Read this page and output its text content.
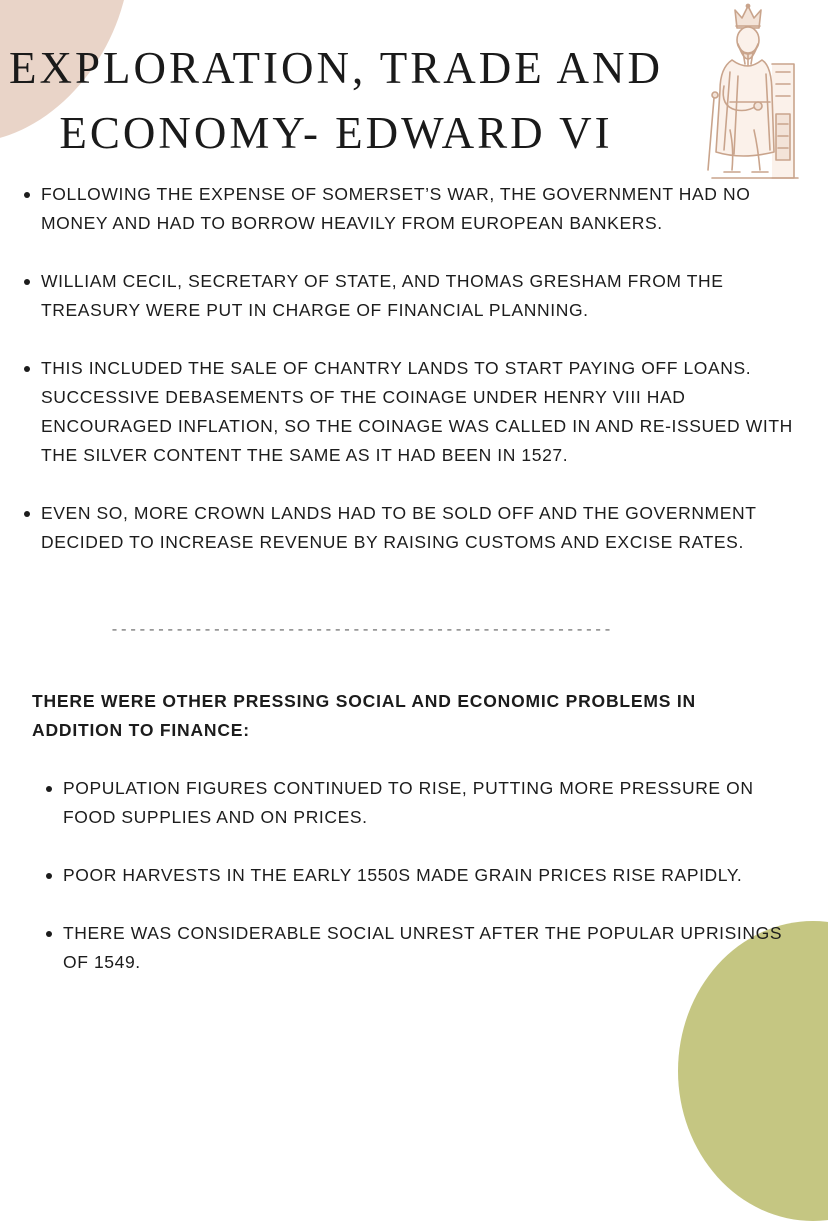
EXPLORATION, TRADE AND
ECONOMY- EDWARD VI
FOLLOWING THE EXPENSE OF SOMERSET’S WAR, THE GOVERNMENT HAD NO MONEY AND HAD TO BORROW HEAVILY FROM EUROPEAN BANKERS.
WILLIAM CECIL, SECRETARY OF STATE, AND THOMAS GRESHAM FROM THE TREASURY WERE PUT IN CHARGE OF FINANCIAL PLANNING.
THIS INCLUDED THE SALE OF CHANTRY LANDS TO START PAYING OFF LOANS. SUCCESSIVE DEBASEMENTS OF THE COINAGE UNDER HENRY VIII HAD ENCOURAGED INFLATION, SO THE COINAGE WAS CALLED IN AND RE-ISSUED WITH THE SILVER CONTENT THE SAME AS IT HAD BEEN IN 1527.
EVEN SO, MORE CROWN LANDS HAD TO BE SOLD OFF AND THE GOVERNMENT DECIDED TO INCREASE REVENUE BY RAISING CUSTOMS AND EXCISE RATES.
------------------------------------------------------

THERE WERE OTHER PRESSING SOCIAL AND ECONOMIC PROBLEMS IN ADDITION TO FINANCE:

POPULATION FIGURES CONTINUED TO RISE, PUTTING MORE PRESSURE ON FOOD SUPPLIES AND ON PRICES.
POOR HARVESTS IN THE EARLY 1550S MADE GRAIN PRICES RISE RAPIDLY.
THERE WAS CONSIDERABLE SOCIAL UNREST AFTER THE POPULAR UPRISINGS OF 1549.
